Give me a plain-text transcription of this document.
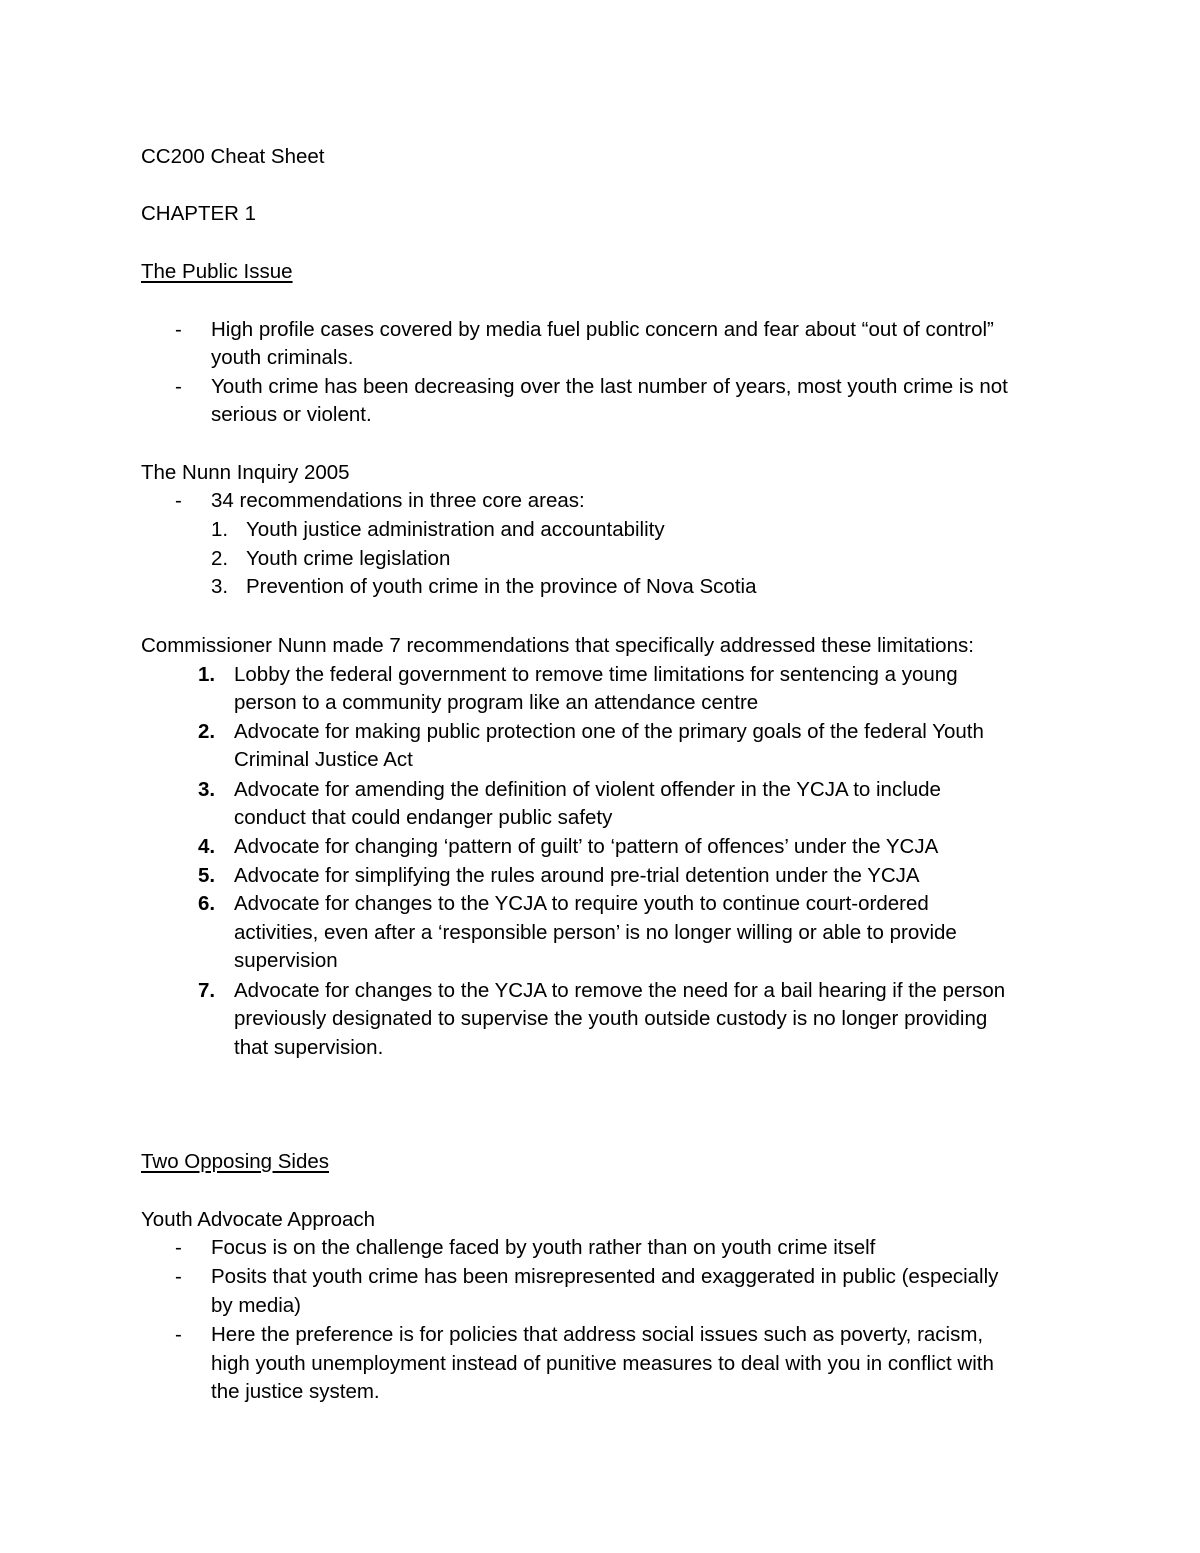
CC200 Cheat Sheet
CHAPTER 1
The Public Issue
- High profile cases covered by media fuel public concern and fear about “out of control”
youth criminals.
- Youth crime has been decreasing over the last number of years, most youth crime is not
serious or violent.
The Nunn Inquiry 2005
- 34 recommendations in three core areas:
1. Youth justice administration and accountability
2. Youth crime legislation
3. Prevention of youth crime in the province of Nova Scotia
Commissioner Nunn made 7 recommendations that specifically addressed these limitations:
1. Lobby the federal government to remove time limitations for sentencing a young
person to a community program like an attendance centre
2. Advocate for making public protection one of the primary goals of the federal Youth
Criminal Justice Act
3. Advocate for amending the definition of violent offender in the YCJA to include
conduct that could endanger public safety
4. Advocate for changing ‘pattern of guilt’ to ‘pattern of offences’ under the YCJA
5. Advocate for simplifying the rules around pre-trial detention under the YCJA
6. Advocate for changes to the YCJA to require youth to continue court-ordered
activities, even after a ‘responsible person’ is no longer willing or able to provide
supervision
7. Advocate for changes to the YCJA to remove the need for a bail hearing if the person
previously designated to supervise the youth outside custody is no longer providing
that supervision.
Two Opposing Sides
Youth Advocate Approach
- Focus is on the challenge faced by youth rather than on youth crime itself
- Posits that youth crime has been misrepresented and exaggerated in public (especially
by media)
- Here the preference is for policies that address social issues such as poverty, racism,
high youth unemployment instead of punitive measures to deal with you in conflict with
the justice system.
